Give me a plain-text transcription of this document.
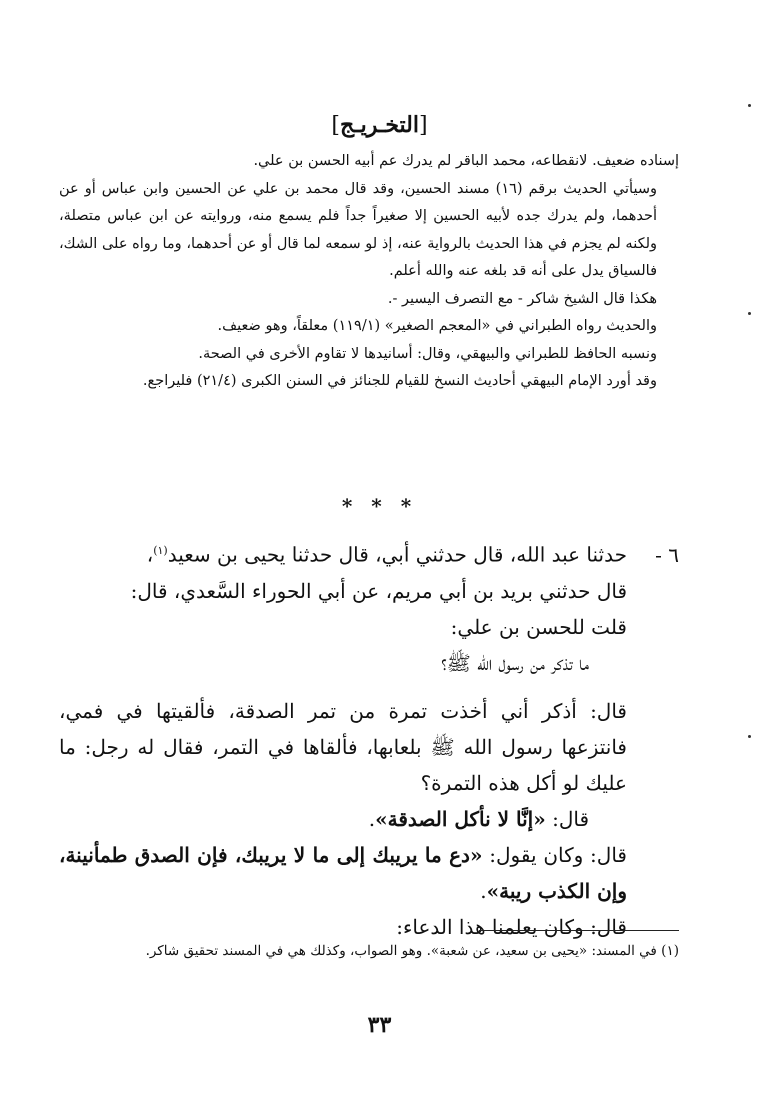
[التخـريـج]

إسناده ضعيف. لانقطاعه، محمد الباقر لم يدرك عم أبيه الحسن بن علي.

وسيأتي الحديث برقم (١٦) مسند الحسين، وقد قال محمد بن علي عن الحسين وابن عباس أو عن أحدهما، ولم يدرك جده لأبيه الحسين إلا صغيراً جداً فلم يسمع منه، وروايته عن ابن عباس متصلة، ولكنه لم يجزم في هذا الحديث بالرواية عنه، إذ لو سمعه لما قال أو عن أحدهما، وما رواه على الشك، فالسياق يدل على أنه قد بلغه عنه والله أعلم.

هكذا قال الشيخ شاكر - مع التصرف اليسير -.

والحديث رواه الطبراني في «المعجم الصغير» (١١٩/١) معلقاً، وهو ضعيف.

ونسبه الحافظ للطبراني والبيهقي، وقال: أسانيدها لا تقاوم الأخرى في الصحة.

وقد أورد الإمام البيهقي أحاديث النسخ للقيام للجنائز في السنن الكبرى (٢١/٤) فليراجع.

* * *

٦ -حدثنا عبد الله، قال حدثني أبي، قال حدثنا يحيى بن سعيد$^{(١)}$،

قال حدثني بريد بن أبي مريم، عن أبي الحوراء السَّعدي، قال:

قلت للحسن بن علي:

ما تذكر من رسول الله ﷺ؟

قال: أذكر أني أخذت تمرة من تمر الصدقة، فألقيتها في فمي، فانتزعها رسول الله ﷺ بلعابها، فألقاها في التمر، فقال له رجل: ما عليك لو أكل هذه التمرة؟

قال: «إنَّا لا نأكل الصدقة».

قال: وكان يقول: «دع ما يريبك إلى ما لا يريبك، فإن الصدق طمأنينة، وإن الكذب ريبة».

قال: وكان يعلمنا هذا الدعاء:

(١) في المسند: «يحيى بن سعيد، عن شعبة». وهو الصواب، وكذلك هي في المسند تحقيق شاكر.

٣٣
